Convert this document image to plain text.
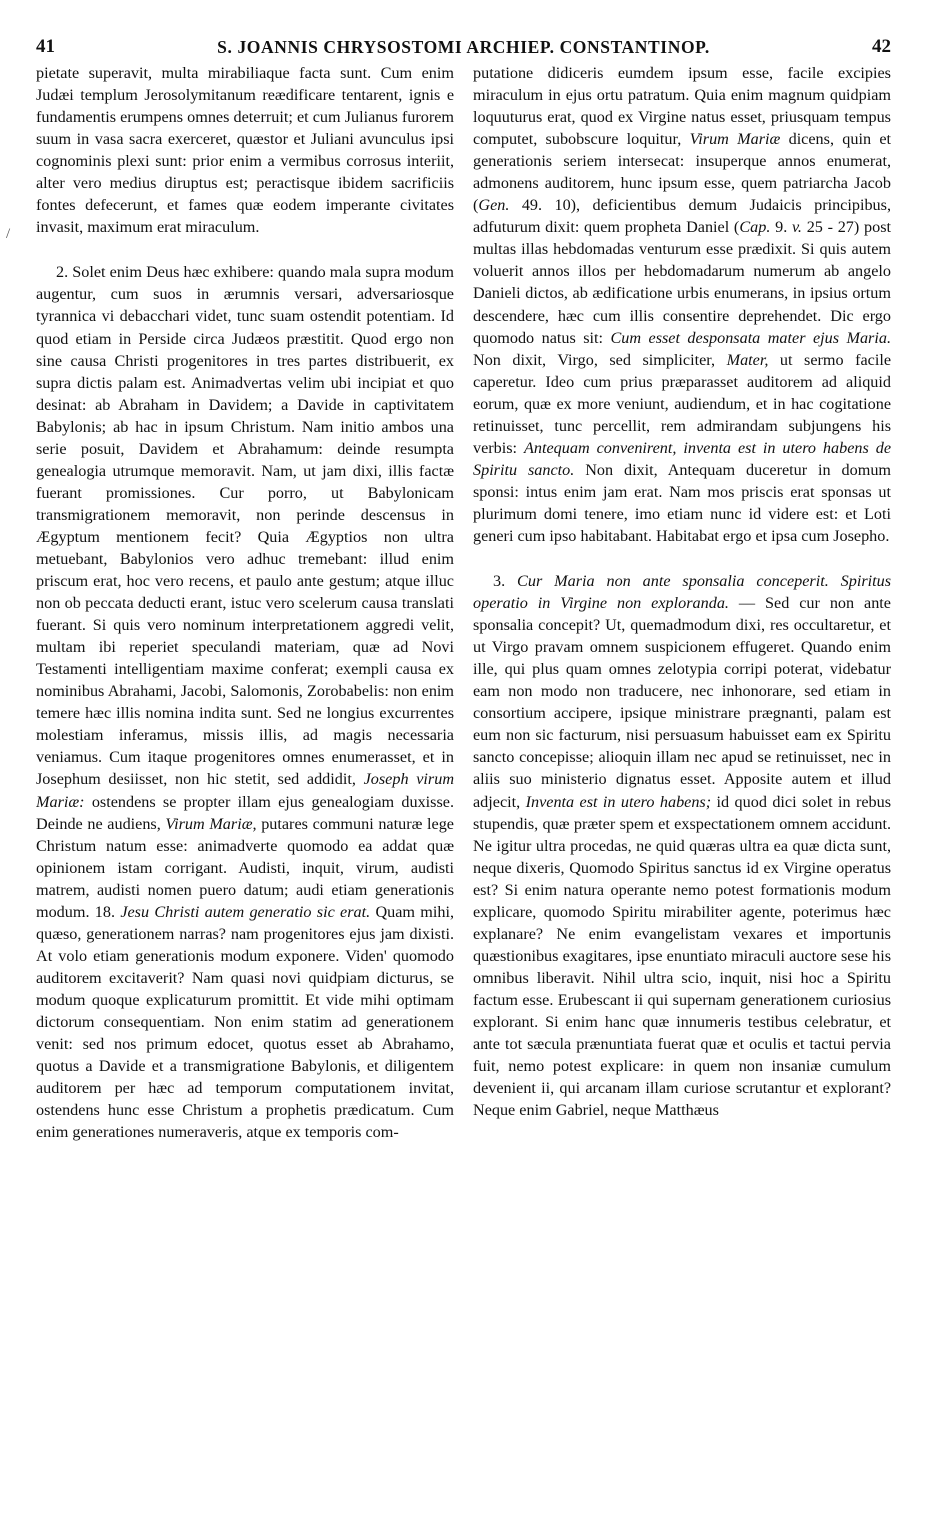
41	S. JOANNIS CHRYSOSTOMI ARCHIEP. CONSTANTINOP.	42
/

pietate superavit, multa mirabiliaque facta sunt. Cum enim Judæi templum Jerosolymitanum reædificare tentarent, ignis e fundamentis erumpens omnes deterruit; et cum Julianus furorem suum in vasa sacra exerceret, quæstor et Juliani avunculus ipsi cognominis plexi sunt: prior enim a vermibus corrosus interiit, alter vero medius diruptus est; peractisque ibidem sacrificiis fontes defecerunt, et fames quæ eodem imperante civitates invasit, maximum erat miraculum.

2. Solet enim Deus hæc exhibere: quando mala supra modum augentur, cum suos in ærumnis versari, adversariosque tyrannica vi debacchari videt, tunc suam ostendit potentiam. Id quod etiam in Perside circa Judæos præstitit. Quod ergo non sine causa Christi progenitores in tres partes distribuerit, ex supra dictis palam est. Animadvertas velim ubi incipiat et quo desinat: ab Abraham in Davidem; a Davide in captivitatem Babylonis; ab hac in ipsum Christum. Nam initio ambos una serie posuit, Davidem et Abrahamum: deinde resumpta genealogia utrumque memoravit. Nam, ut jam dixi, illis factæ fuerant promissiones. Cur porro, ut Babylonicam transmigrationem memoravit, non perinde descensus in Ægyptum mentionem fecit? Quia Ægyptios non ultra metuebant, Babylonios vero adhuc tremebant: illud enim priscum erat, hoc vero recens, et paulo ante gestum; atque illuc non ob peccata deducti erant, istuc vero scelerum causa translati fuerant. Si quis vero nominum interpretationem aggredi velit, multam ibi reperiet speculandi materiam, quæ ad Novi Testamenti intelligentiam maxime conferat; exempli causa ex nominibus Abrahami, Jacobi, Salomonis, Zorobabelis: non enim temere hæc illis nomina indita sunt. Sed ne longius excurrentes molestiam inferamus, missis illis, ad magis necessaria veniamus. Cum itaque progenitores omnes enumerasset, et in Josephum desiisset, non hic stetit, sed addidit, Joseph virum Mariæ: ostendens se propter illam ejus genealogiam duxisse. Deinde ne audiens, Virum Mariæ, putares communi naturæ lege Christum natum esse: animadverte quomodo ea addat quæ opinionem istam corrigant. Audisti, inquit, virum, audisti matrem, audisti nomen puero datum; audi etiam generationis modum. 18. Jesu Christi autem generatio sic erat. Quam mihi, quæso, generationem narras? nam progenitores ejus jam dixisti. At volo etiam generationis modum exponere. Viden' quomodo auditorem excitaverit? Nam quasi novi quidpiam dicturus, se modum quoque explicaturum promittit. Et vide mihi optimam dictorum consequentiam. Non enim statim ad generationem venit: sed nos primum edocet, quotus esset ab Abrahamo, quotus a Davide et a transmigratione Babylonis, et diligentem auditorem per hæc ad temporum computationem invitat, ostendens hunc esse Christum a prophetis prædicatum. Cum enim generationes numeraveris, atque ex temporis com-

putatione didiceris eumdem ipsum esse, facile excipies miraculum in ejus ortu patratum. Quia enim magnum quidpiam loquuturus erat, quod ex Virgine natus esset, priusquam tempus computet, subobscure loquitur, Virum Mariæ dicens, quin et generationis seriem intersecat: insuperque annos enumerat, admonens auditorem, hunc ipsum esse, quem patriarcha Jacob (Gen. 49. 10), deficientibus demum Judaicis principibus, adfuturum dixit: quem propheta Daniel (Cap. 9. v. 25 - 27) post multas illas hebdomadas venturum esse prædixit. Si quis autem voluerit annos illos per hebdomadarum numerum ab angelo Danieli dictos, ab ædificatione urbis enumerans, in ipsius ortum descendere, hæc cum illis consentire deprehendet. Dic ergo quomodo natus sit: Cum esset desponsata mater ejus Maria. Non dixit, Virgo, sed simpliciter, Mater, ut sermo facile caperetur. Ideo cum prius præparasset auditorem ad aliquid eorum, quæ ex more veniunt, audiendum, et in hac cogitatione retinuisset, tunc percellit, rem admirandam subjungens his verbis: Antequam convenirent, inventa est in utero habens de Spiritu sancto. Non dixit, Antequam duceretur in domum sponsi: intus enim jam erat. Nam mos priscis erat sponsas ut plurimum domi tenere, imo etiam nunc id videre est: et Loti generi cum ipso habitabant. Habitabat ergo et ipsa cum Josepho.

3. Cur Maria non ante sponsalia conceperit. Spiritus operatio in Virgine non exploranda. — Sed cur non ante sponsalia concepit? Ut, quemadmodum dixi, res occultaretur, et ut Virgo pravam omnem suspicionem effugeret. Quando enim ille, qui plus quam omnes zelotypia corripi poterat, videbatur eam non modo non traducere, nec inhonorare, sed etiam in consortium accipere, ipsique ministrare prægnanti, palam est eum non sic facturum, nisi persuasum habuisset eam ex Spiritu sancto concepisse; alioquin illam nec apud se retinuisset, nec in aliis suo ministerio dignatus esset. Apposite autem et illud adjecit, Inventa est in utero habens; id quod dici solet in rebus stupendis, quæ præter spem et exspectationem omnem accidunt. Ne igitur ultra procedas, ne quid quæras ultra ea quæ dicta sunt, neque dixeris, Quomodo Spiritus sanctus id ex Virgine operatus est? Si enim natura operante nemo potest formationis modum explicare, quomodo Spiritu mirabiliter agente, poterimus hæc explanare? Ne enim evangelistam vexares et importunis quæstionibus exagitares, ipse enuntiato miraculi auctore sese his omnibus liberavit. Nihil ultra scio, inquit, nisi hoc a Spiritu factum esse. Erubescant ii qui supernam generationem curiosius explorant. Si enim hanc quæ innumeris testibus celebratur, et ante tot sæcula prænuntiata fuerat quæ et oculis et tactui pervia fuit, nemo potest explicare: in quem non insaniæ cumulum devenient ii, qui arcanam illam curiose scrutantur et explorant? Neque enim Gabriel, neque Matthæus
